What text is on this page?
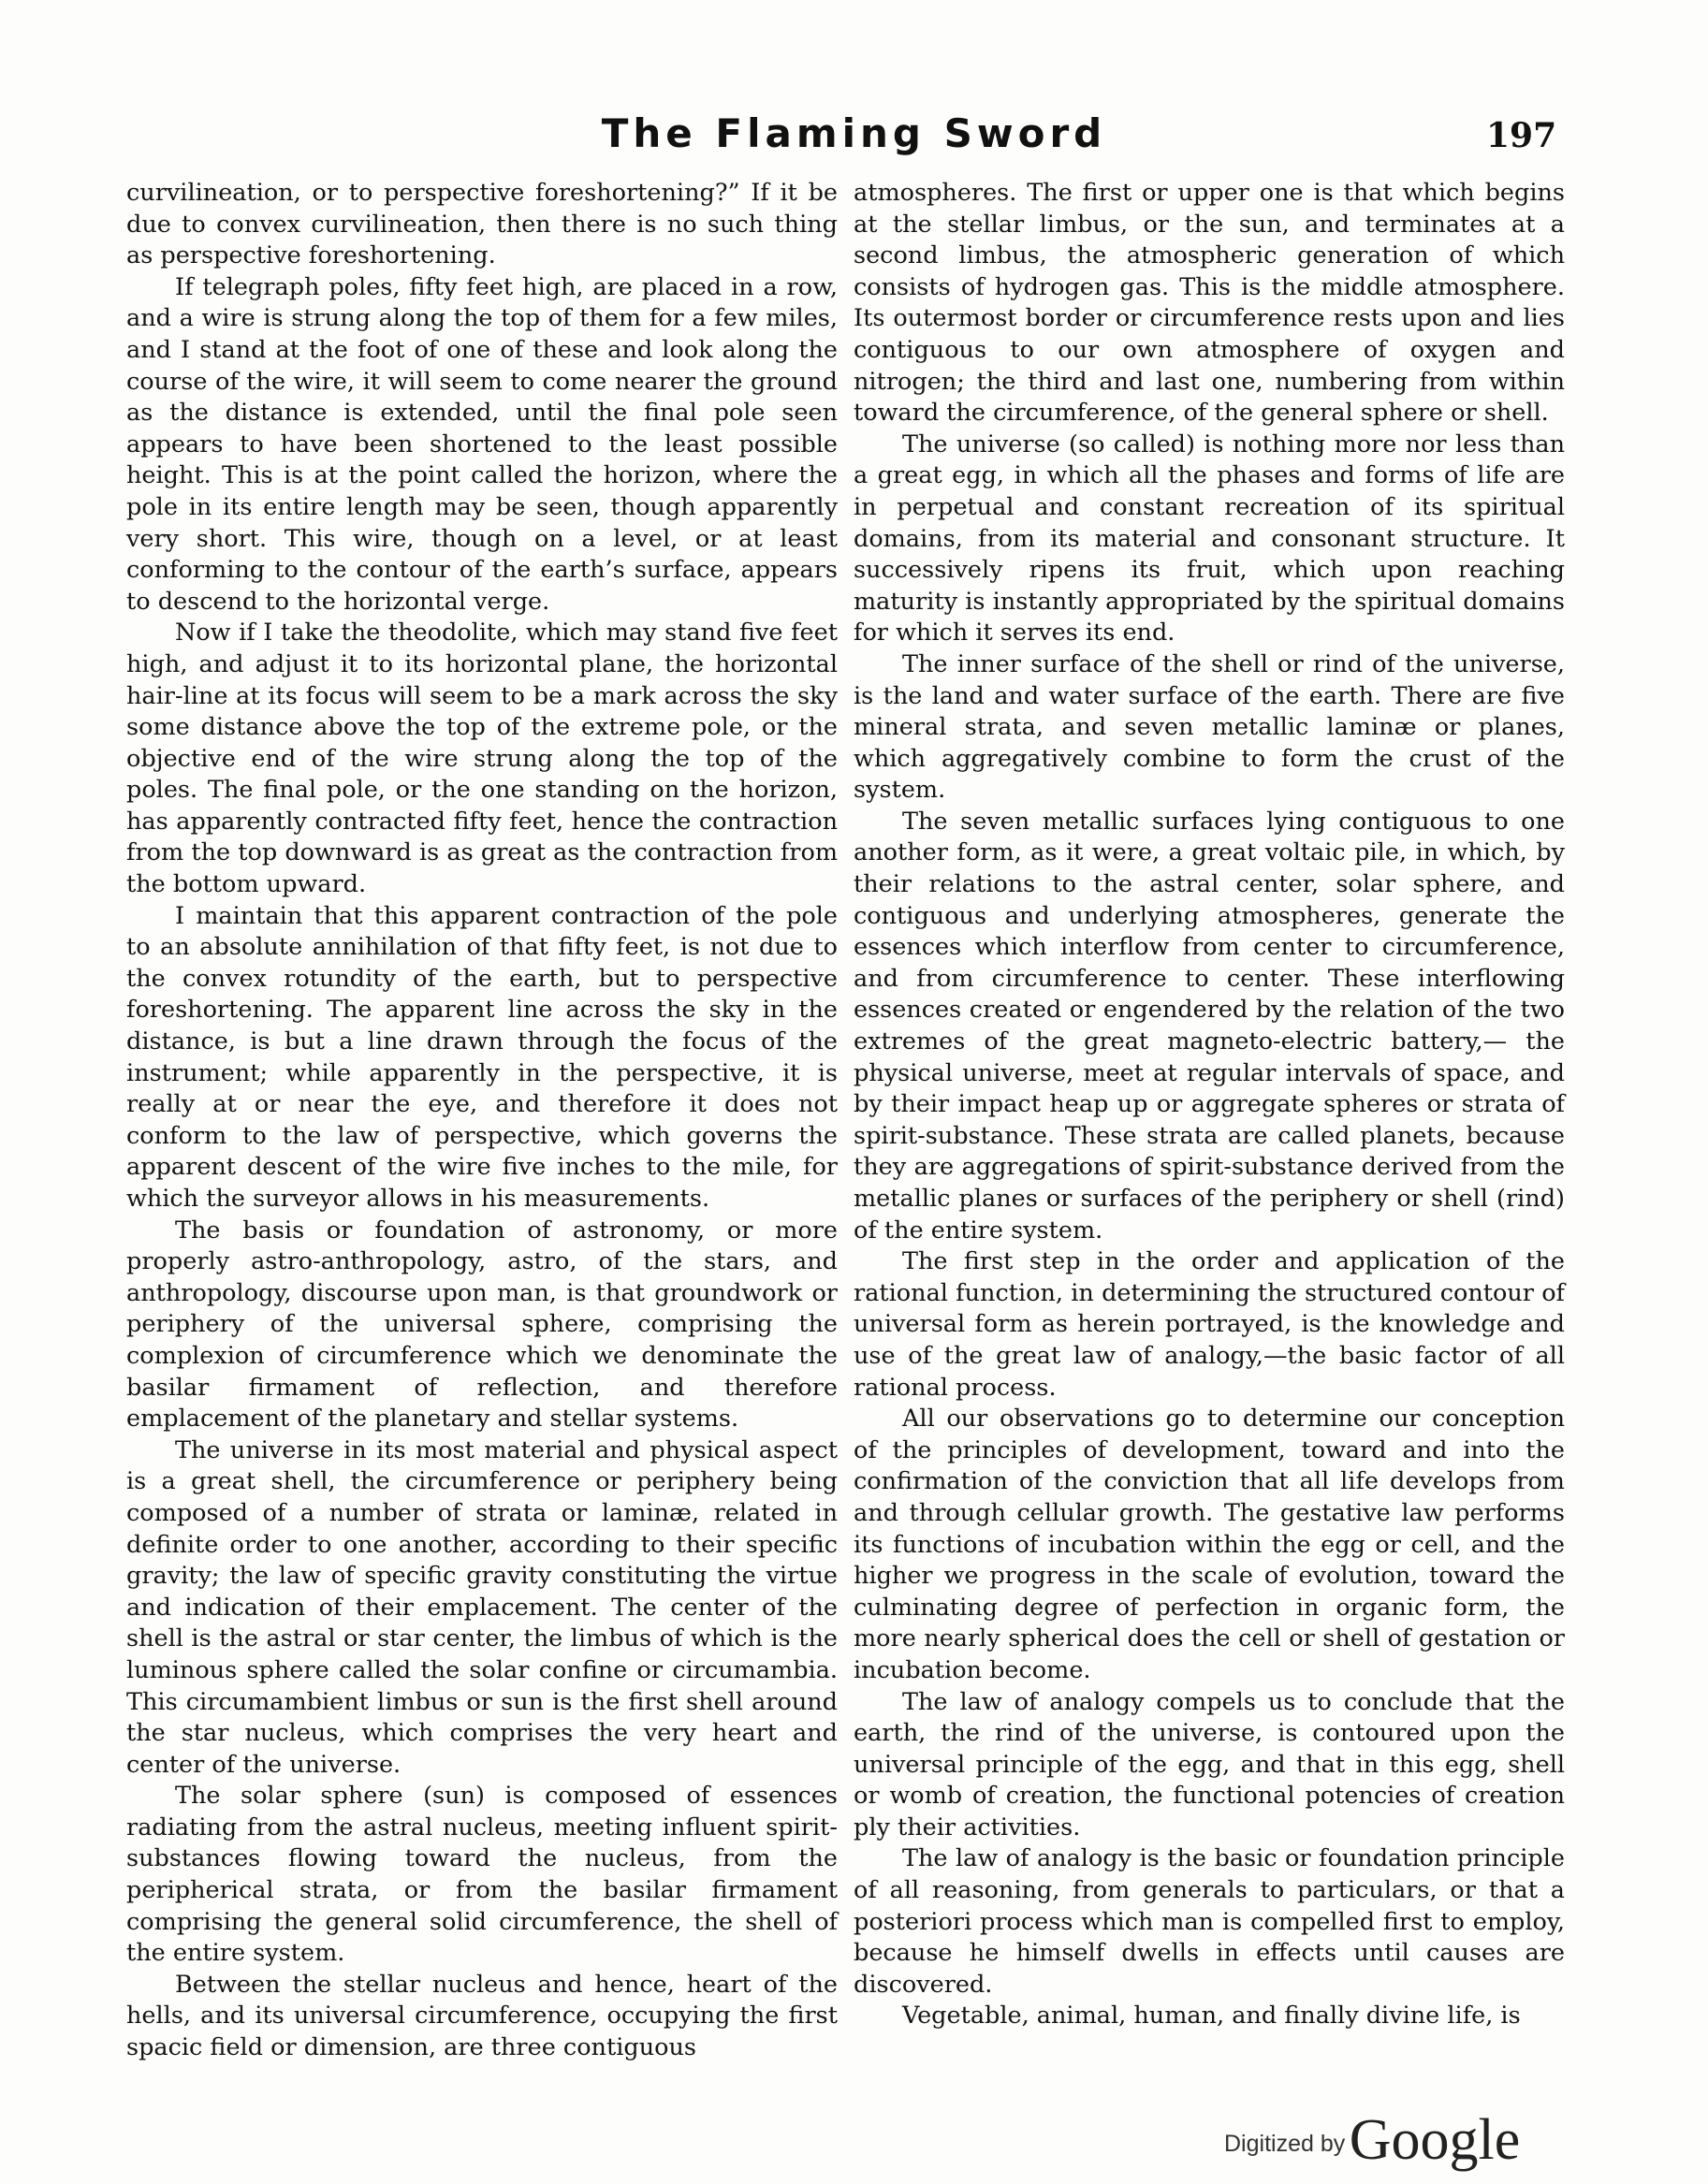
The Flaming Sword	197

curvilineation, or to perspective foreshortening?” If it be due to convex curvilineation, then there is no such thing as perspective foreshortening.

If telegraph poles, fifty feet high, are placed in a row, and a wire is strung along the top of them for a few miles, and I stand at the foot of one of these and look along the course of the wire, it will seem to come nearer the ground as the distance is extended, until the final pole seen appears to have been shortened to the least possible height. This is at the point called the horizon, where the pole in its entire length may be seen, though apparently very short. This wire, though on a level, or at least conforming to the contour of the earth’s surface, appears to descend to the horizontal verge.

Now if I take the theodolite, which may stand five feet high, and adjust it to its horizontal plane, the horizontal hair-line at its focus will seem to be a mark across the sky some distance above the top of the extreme pole, or the objective end of the wire strung along the top of the poles. The final pole, or the one standing on the horizon, has apparently contracted fifty feet, hence the contraction from the top downward is as great as the contraction from the bottom upward.

I maintain that this apparent contraction of the pole to an absolute annihilation of that fifty feet, is not due to the convex rotundity of the earth, but to perspective foreshortening. The apparent line across the sky in the distance, is but a line drawn through the focus of the instrument; while apparently in the perspective, it is really at or near the eye, and therefore it does not conform to the law of perspective, which governs the apparent descent of the wire five inches to the mile, for which the surveyor allows in his measurements.

The basis or foundation of astronomy, or more properly astro-anthropology, astro, of the stars, and anthropology, discourse upon man, is that groundwork or periphery of the universal sphere, comprising the complexion of circumference which we denominate the basilar firmament of reflection, and therefore emplacement of the planetary and stellar systems.

The universe in its most material and physical aspect is a great shell, the circumference or periphery being composed of a number of strata or laminæ, related in definite order to one another, according to their specific gravity; the law of specific gravity constituting the virtue and indication of their emplacement. The center of the shell is the astral or star center, the limbus of which is the luminous sphere called the solar confine or circumambia. This circumambient limbus or sun is the first shell around the star nucleus, which comprises the very heart and center of the universe.

The solar sphere (sun) is composed of essences radiating from the astral nucleus, meeting influent spirit-substances flowing toward the nucleus, from the peripherical strata, or from the basilar firmament comprising the general solid circumference, the shell of the entire system.

Between the stellar nucleus and hence, heart of the hells, and its universal circumference, occupying the first spacic field or dimension, are three contiguous

atmospheres. The first or upper one is that which begins at the stellar limbus, or the sun, and terminates at a second limbus, the atmospheric generation of which consists of hydrogen gas. This is the middle atmosphere. Its outermost border or circumference rests upon and lies contiguous to our own atmosphere of oxygen and nitrogen; the third and last one, numbering from within toward the circumference, of the general sphere or shell.

The universe (so called) is nothing more nor less than a great egg, in which all the phases and forms of life are in perpetual and constant recreation of its spiritual domains, from its material and consonant structure. It successively ripens its fruit, which upon reaching maturity is instantly appropriated by the spiritual domains for which it serves its end.

The inner surface of the shell or rind of the universe, is the land and water surface of the earth. There are five mineral strata, and seven metallic laminæ or planes, which aggregatively combine to form the crust of the system.

The seven metallic surfaces lying contiguous to one another form, as it were, a great voltaic pile, in which, by their relations to the astral center, solar sphere, and contiguous and underlying atmospheres, generate the essences which interflow from center to circumference, and from circumference to center. These interflowing essences created or engendered by the relation of the two extremes of the great magneto-electric battery,— the physical universe, meet at regular intervals of space, and by their impact heap up or aggregate spheres or strata of spirit-substance. These strata are called planets, because they are aggregations of spirit-substance derived from the metallic planes or surfaces of the periphery or shell (rind) of the entire system.

The first step in the order and application of the rational function, in determining the structured contour of universal form as herein portrayed, is the knowledge and use of the great law of analogy,—the basic factor of all rational process.

All our observations go to determine our conception of the principles of development, toward and into the confirmation of the conviction that all life develops from and through cellular growth. The gestative law performs its functions of incubation within the egg or cell, and the higher we progress in the scale of evolution, toward the culminating degree of perfection in organic form, the more nearly spherical does the cell or shell of gestation or incubation become.

The law of analogy compels us to conclude that the earth, the rind of the universe, is contoured upon the universal principle of the egg, and that in this egg, shell or womb of creation, the functional potencies of creation ply their activities.

The law of analogy is the basic or foundation principle of all reasoning, from generals to particulars, or that a posteriori process which man is compelled first to employ, because he himself dwells in effects until causes are discovered.

Vegetable, animal, human, and finally divine life, is

Digitized by Google
